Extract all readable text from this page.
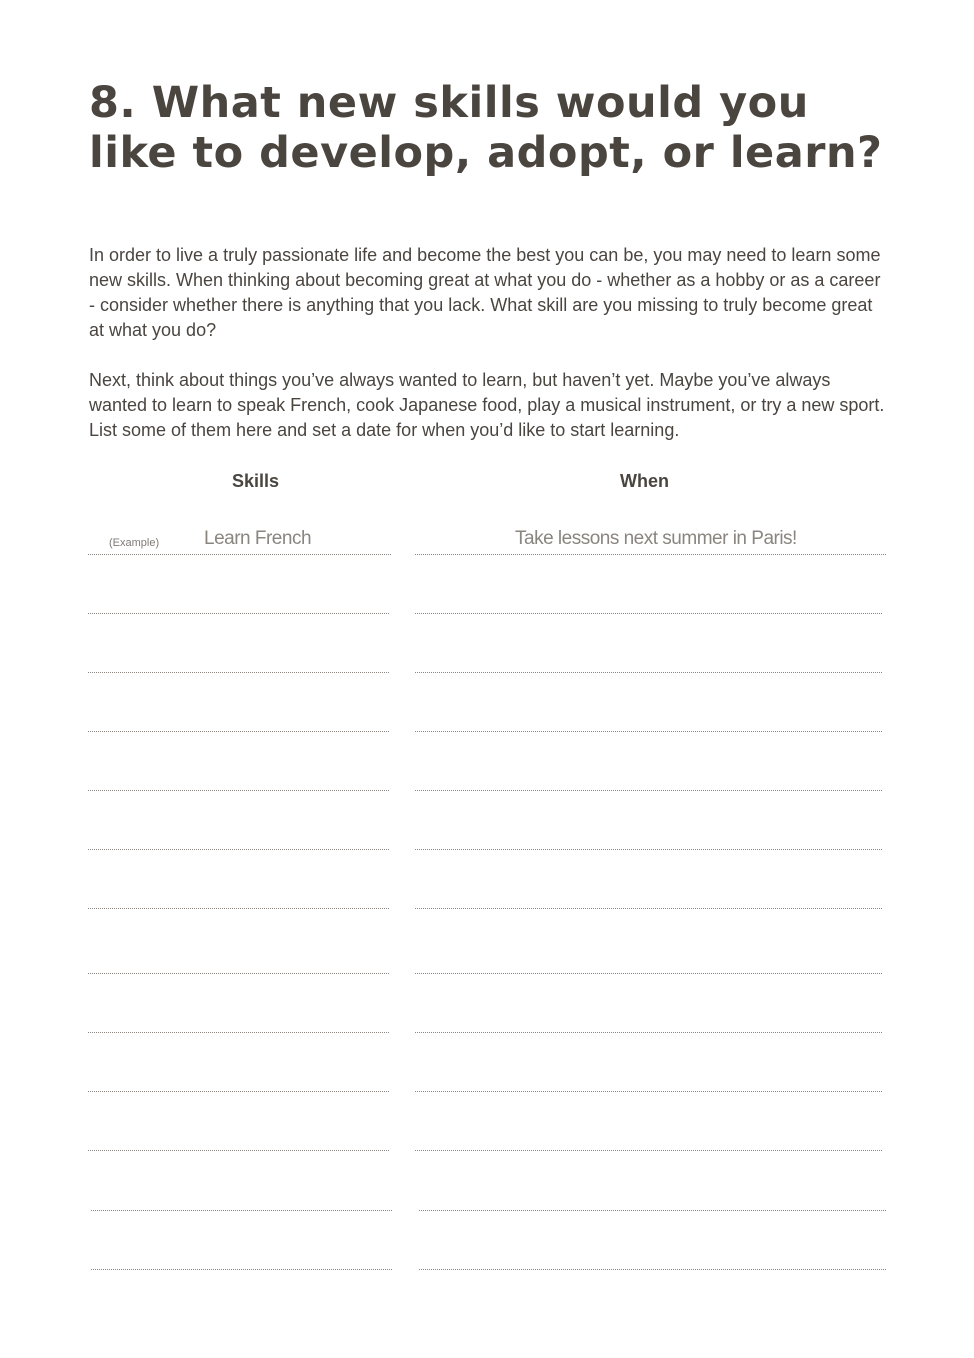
8. What new skills would you like to develop, adopt, or learn?

In order to live a truly passionate life and become the best you can be, you may need to learn some new skills. When thinking about becoming great at what you do - whether as a hobby or as a career - consider whether there is anything that you lack. What skill are you missing to truly become great at what you do?

Next, think about things you’ve always wanted to learn, but haven’t yet. Maybe you’ve always wanted to learn to speak French, cook Japanese food, play a musical instrument, or try a new sport. List some of them here and set a date for when you’d like to start learning.

Skills	When
(Example) Learn French	Take lessons next summer in Paris!
